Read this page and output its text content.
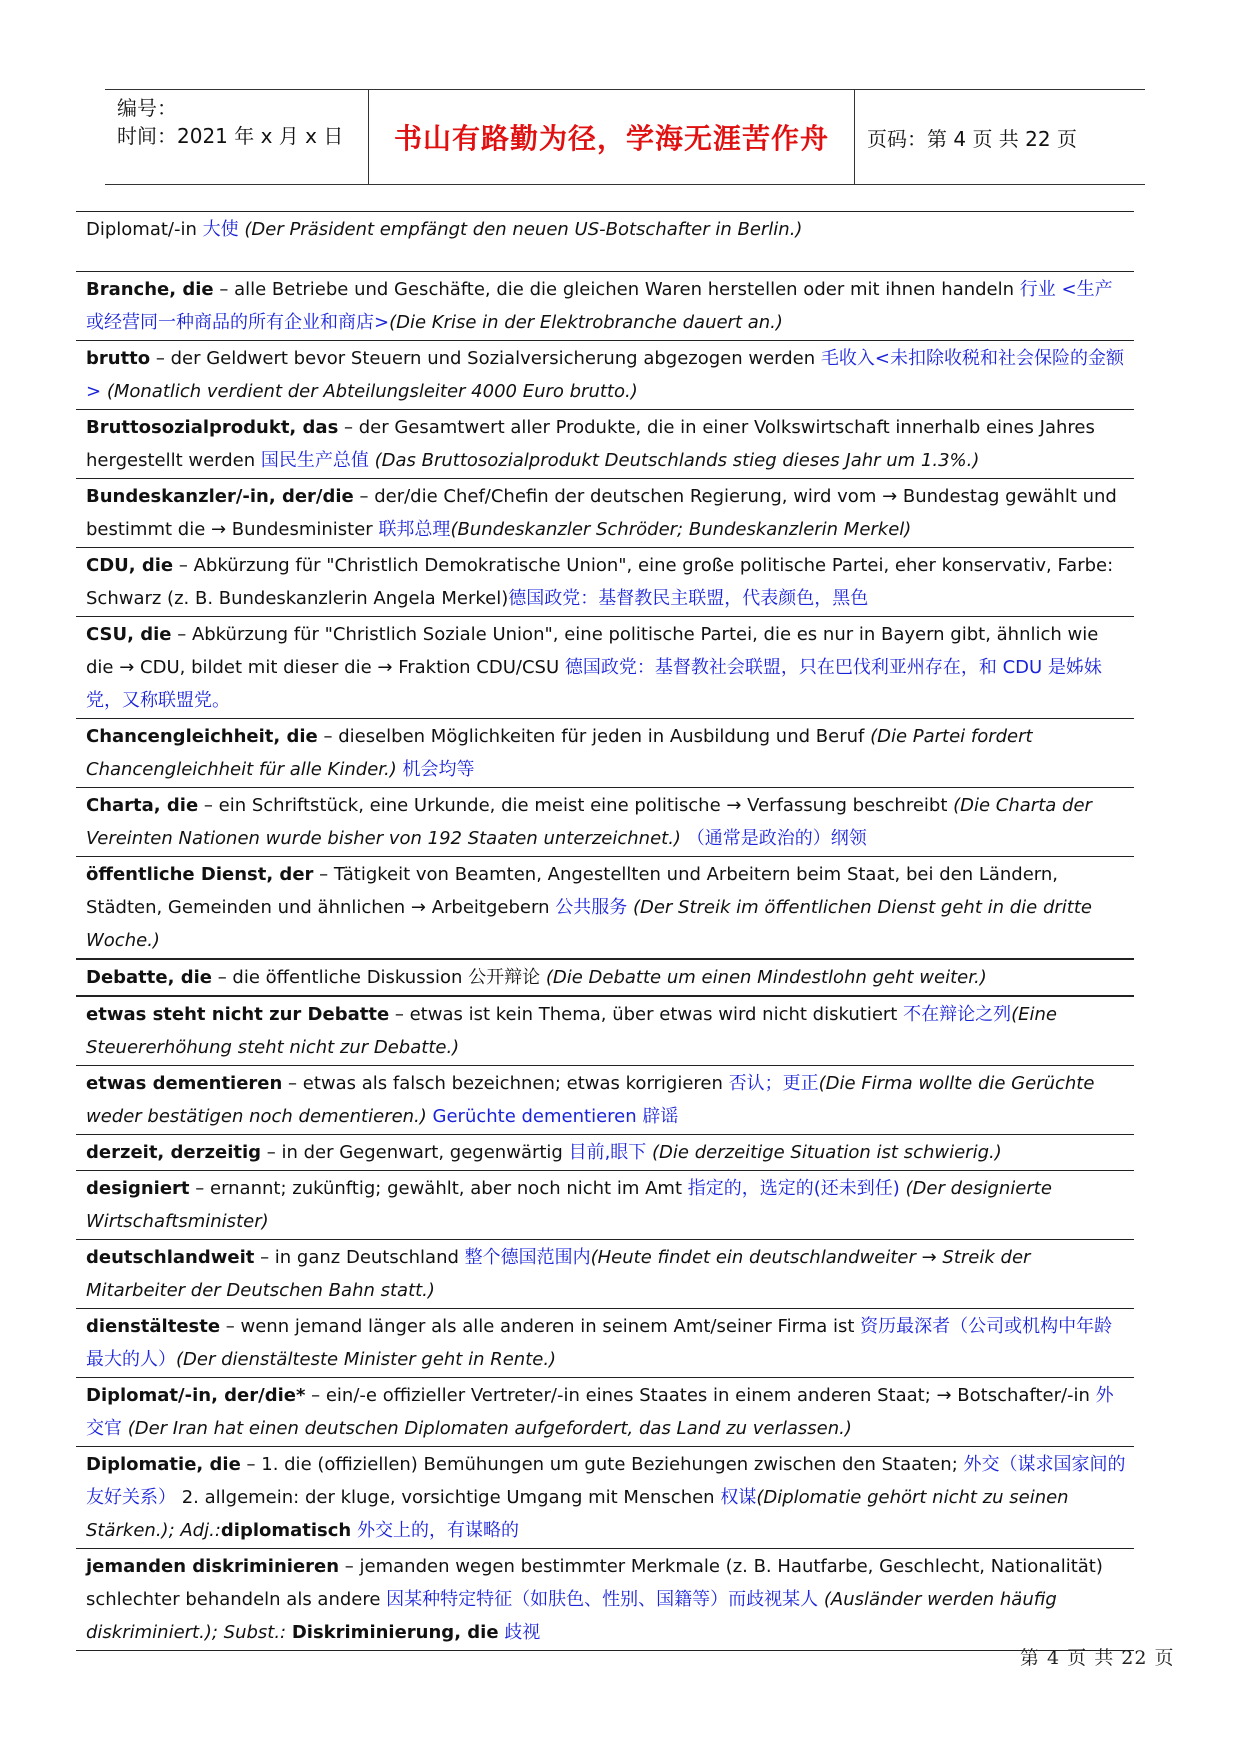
编号：
时间：2021 年 x 月 x 日	书山有路勤为径，学海无涯苦作舟	页码：第 4 页 共 22 页
Diplomat/-in 大使 (Der Präsident empfängt den neuen US-Botschafter in Berlin.)
Branche, die – alle Betriebe und Geschäfte, die die gleichen Waren herstellen oder mit ihnen handeln 行业 <生产或经营同一种商品的所有企业和商店>(Die Krise in der Elektrobranche dauert an.)
brutto – der Geldwert bevor Steuern und Sozialversicherung abgezogen werden 毛收入<未扣除收税和社会保险的金额> (Monatlich verdient der Abteilungsleiter 4000 Euro brutto.)
Bruttosozialprodukt, das – der Gesamtwert aller Produkte, die in einer Volkswirtschaft innerhalb eines Jahres hergestellt werden 国民生产总值 (Das Bruttosozialprodukt Deutschlands stieg dieses Jahr um 1.3%.)
Bundeskanzler/-in, der/die – der/die Chef/Chefin der deutschen Regierung, wird vom → Bundestag gewählt und bestimmt die → Bundesminister 联邦总理(Bundeskanzler Schröder; Bundeskanzlerin Merkel)
CDU, die – Abkürzung für "Christlich Demokratische Union", eine große politische Partei, eher konservativ, Farbe: Schwarz (z. B. Bundeskanzlerin Angela Merkel)德国政党：基督教民主联盟，代表颜色，黑色
CSU, die – Abkürzung für "Christlich Soziale Union", eine politische Partei, die es nur in Bayern gibt, ähnlich wie die → CDU, bildet mit dieser die → Fraktion CDU/CSU 德国政党：基督教社会联盟，只在巴伐利亚州存在，和 CDU 是姊妹党，又称联盟党。
Chancengleichheit, die – dieselben Möglichkeiten für jeden in Ausbildung und Beruf (Die Partei fordert Chancengleichheit für alle Kinder.) 机会均等
Charta, die – ein Schriftstück, eine Urkunde, die meist eine politische → Verfassung beschreibt (Die Charta der Vereinten Nationen wurde bisher von 192 Staaten unterzeichnet.) （通常是政治的）纲领
öffentliche Dienst, der – Tätigkeit von Beamten, Angestellten und Arbeitern beim Staat, bei den Ländern, Städten, Gemeinden und ähnlichen → Arbeitgebern 公共服务 (Der Streik im öffentlichen Dienst geht in die dritte Woche.)
Debatte, die – die öffentliche Diskussion 公开辩论 (Die Debatte um einen Mindestlohn geht weiter.)
etwas steht nicht zur Debatte – etwas ist kein Thema, über etwas wird nicht diskutiert 不在辩论之列(Eine Steuererhöhung steht nicht zur Debatte.)
etwas dementieren – etwas als falsch bezeichnen; etwas korrigieren 否认；更正(Die Firma wollte die Gerüchte weder bestätigen noch dementieren.) Gerüchte dementieren 辟谣
derzeit, derzeitig – in der Gegenwart, gegenwärtig 目前,眼下 (Die derzeitige Situation ist schwierig.)
designiert – ernannt; zukünftig; gewählt, aber noch nicht im Amt 指定的，选定的(还未到任) (Der designierte Wirtschaftsminister)
deutschlandweit – in ganz Deutschland 整个德国范围内(Heute findet ein deutschlandweiter → Streik der Mitarbeiter der Deutschen Bahn statt.)
dienstälteste – wenn jemand länger als alle anderen in seinem Amt/seiner Firma ist 资历最深者（公司或机构中年龄最大的人）(Der dienstälteste Minister geht in Rente.)
Diplomat/-in, der/die* – ein/-e offizieller Vertreter/-in eines Staates in einem anderen Staat; → Botschafter/-in 外交官 (Der Iran hat einen deutschen Diplomaten aufgefordert, das Land zu verlassen.)
Diplomatie, die – 1. die (offiziellen) Bemühungen um gute Beziehungen zwischen den Staaten; 外交（谋求国家间的友好关系） 2. allgemein: der kluge, vorsichtige Umgang mit Menschen 权谋(Diplomatie gehört nicht zu seinen Stärken.); Adj.:diplomatisch 外交上的，有谋略的
jemanden diskriminieren – jemanden wegen bestimmter Merkmale (z. B. Hautfarbe, Geschlecht, Nationalität) schlechter behandeln als andere 因某种特定特征（如肤色、性别、国籍等）而歧视某人 (Ausländer werden häufig diskriminiert.); Subst.: Diskriminierung, die 歧视
第 4 页 共 22 页
